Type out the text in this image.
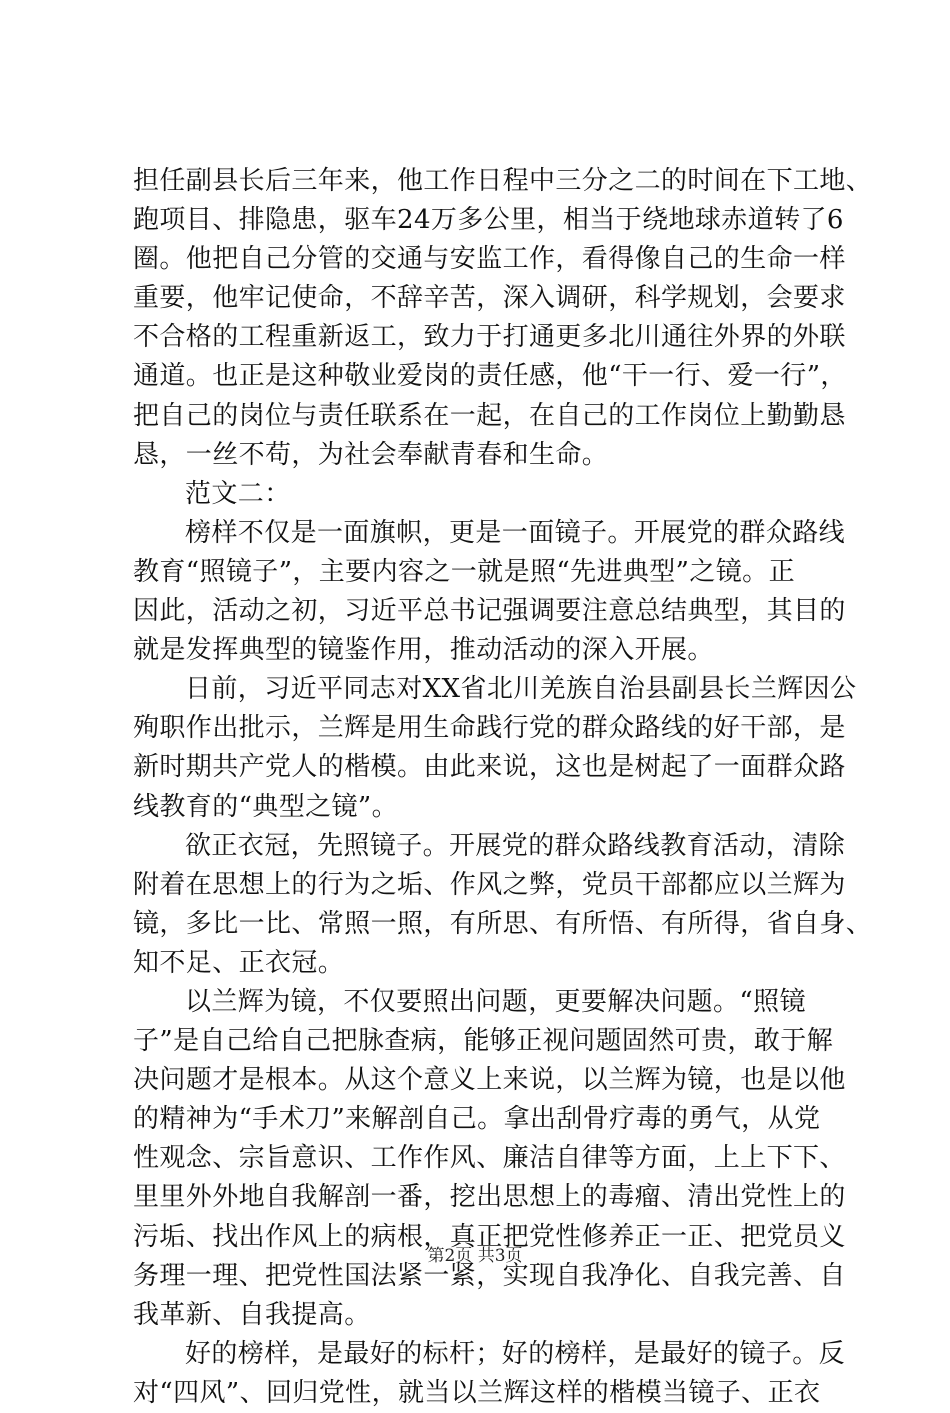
担任副县长后三年来，他工作日程中三分之二的时间在下工地、
跑项目、排隐患，驱车24万多公里，相当于绕地球赤道转了6
圈。他把自己分管的交通与安监工作，看得像自己的生命一样
重要，他牢记使命，不辞辛苦，深入调研，科学规划，会要求
不合格的工程重新返工，致力于打通更多北川通往外界的外联
通道。也正是这种敬业爱岗的责任感，他“干一行、爱一行”，
把自己的岗位与责任联系在一起，在自己的工作岗位上勤勤恳
恳，一丝不苟，为社会奉献青春和生命。
范文二：
榜样不仅是一面旗帜，更是一面镜子。开展党的群众路线
教育“照镜子”，主要内容之一就是照“先进典型”之镜。正
因此，活动之初，习近平总书记强调要注意总结典型，其目的
就是发挥典型的镜鉴作用，推动活动的深入开展。
日前，习近平同志对XX省北川羌族自治县副县长兰辉因公
殉职作出批示，兰辉是用生命践行党的群众路线的好干部，是
新时期共产党人的楷模。由此来说，这也是树起了一面群众路
线教育的“典型之镜”。
欲正衣冠，先照镜子。开展党的群众路线教育活动，清除
附着在思想上的行为之垢、作风之弊，党员干部都应以兰辉为
镜，多比一比、常照一照，有所思、有所悟、有所得，省自身、
知不足、正衣冠。
以兰辉为镜，不仅要照出问题，更要解决问题。“照镜
子”是自己给自己把脉查病，能够正视问题固然可贵，敢于解
决问题才是根本。从这个意义上来说，以兰辉为镜，也是以他
的精神为“手术刀”来解剖自己。拿出刮骨疗毒的勇气，从党
性观念、宗旨意识、工作作风、廉洁自律等方面，上上下下、
里里外外地自我解剖一番，挖出思想上的毒瘤、清出党性上的
污垢、找出作风上的病根，真正把党性修养正一正、把党员义
务理一理、把党性国法紧一紧，实现自我净化、自我完善、自
我革新、自我提高。
好的榜样，是最好的标杆；好的榜样，是最好的镜子。反
对“四风”、回归党性，就当以兰辉这样的楷模当镜子、正衣
第2页 共3页
